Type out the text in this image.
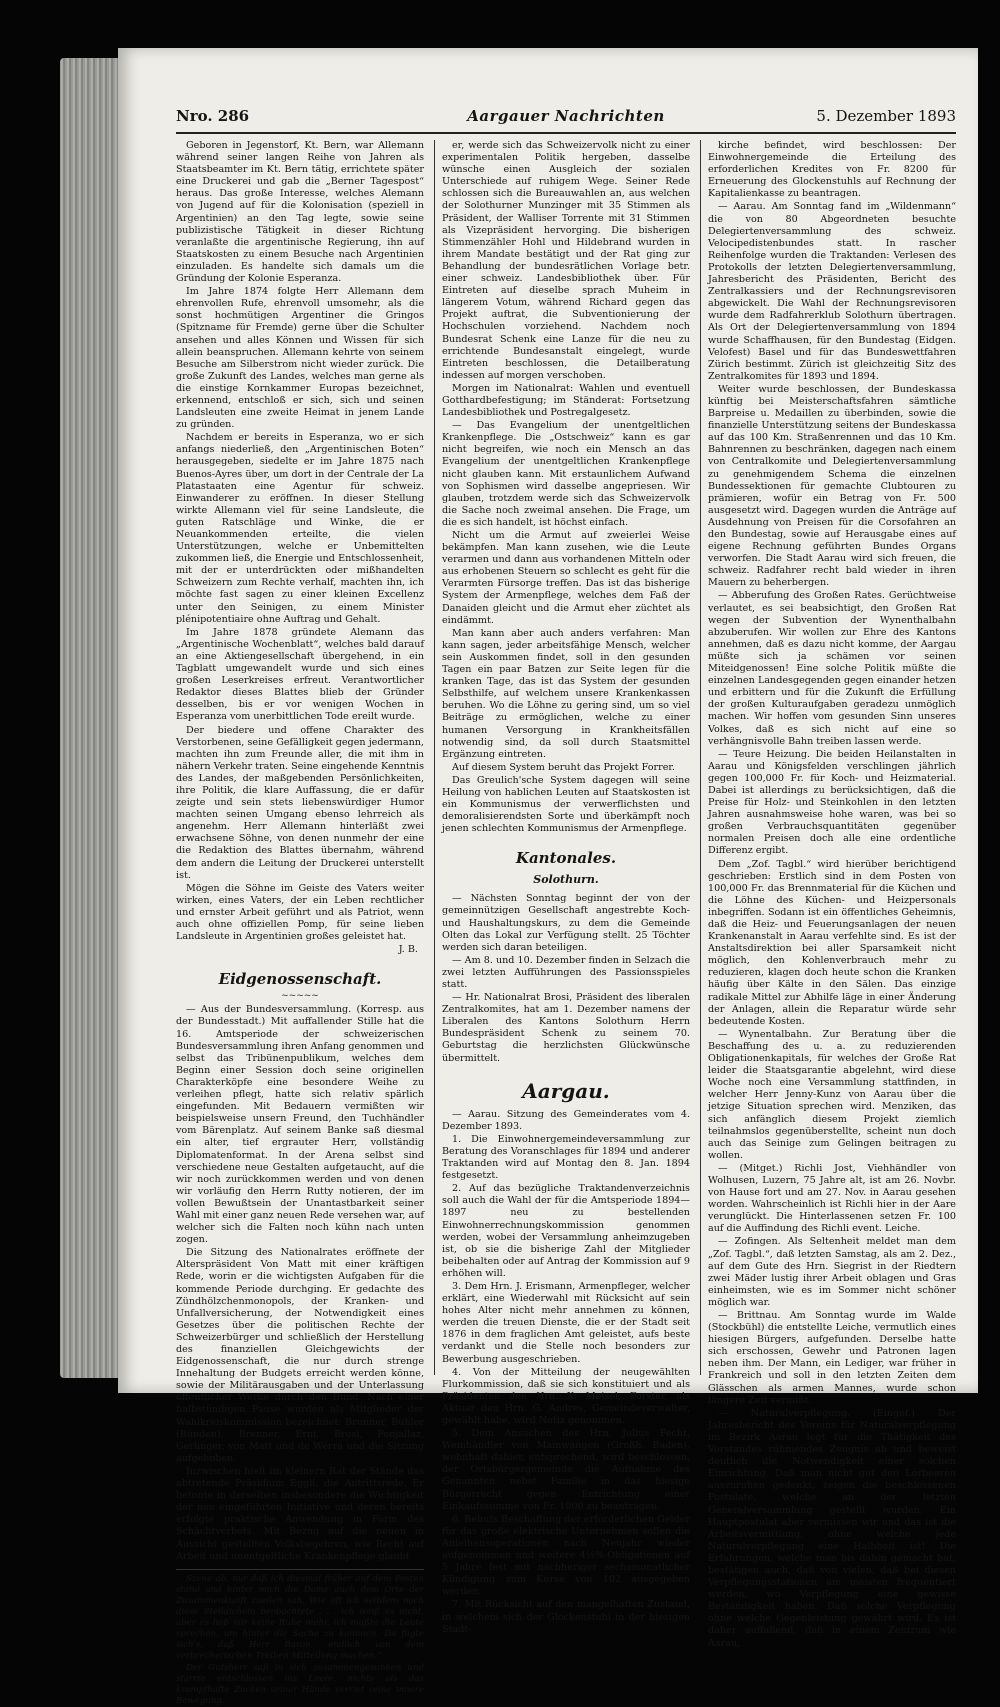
Nro. 286	Aargauer Nachrichten	5. Dezember 1893

Geboren in Jegenstorf, Kt. Bern, war Allemann während seiner langen Reihe von Jahren als Staatsbeamter im Kt. Bern tätig, errichtete später eine Druckerei und gab die „Berner Tagespost“ heraus. Das große Interesse, welches Alemann von Jugend auf für die Kolonisation (speziell in Argentinien) an den Tag legte, sowie seine publizistische Tätigkeit in dieser Richtung veranlaßte die argentinische Regierung, ihn auf Staatskosten zu einem Besuche nach Argentinien einzuladen. Es handelte sich damals um die Gründung der Kolonie Esperanza.

Im Jahre 1874 folgte Herr Allemann dem ehrenvollen Rufe, ehrenvoll umsomehr, als die sonst hochmütigen Argentiner die Gringos (Spitzname für Fremde) gerne über die Schulter ansehen und alles Können und Wissen für sich allein beanspruchen. Allemann kehrte von seinem Besuche am Silberstrom nicht wieder zurück. Die große Zukunft des Landes, welches man gerne als die einstige Kornkammer Europas bezeichnet, erkennend, entschloß er sich, sich und seinen Landsleuten eine zweite Heimat in jenem Lande zu gründen.

Nachdem er bereits in Esperanza, wo er sich anfangs niederließ, den „Argentinischen Boten“ herausgegeben, siedelte er im Jahre 1875 nach Buenos-Ayres über, um dort in der Centrale der La Platastaaten eine Agentur für schweiz. Einwanderer zu eröffnen. In dieser Stellung wirkte Allemann viel für seine Landsleute, die guten Ratschläge und Winke, die er Neuankommenden erteilte, die vielen Unterstützungen, welche er Unbemittelten zukommen ließ, die Energie und Entschlossenheit, mit der er unterdrückten oder mißhandelten Schweizern zum Rechte verhalf, machten ihn, ich möchte fast sagen zu einer kleinen Excellenz unter den Seinigen, zu einem Minister plénipotentiaire ohne Auftrag und Gehalt.

Im Jahre 1878 gründete Alemann das „Argentinische Wochenblatt“, welches bald darauf an eine Aktiengesellschaft übergehend, in ein Tagblatt umgewandelt wurde und sich eines großen Leserkreises erfreut. Verantwortlicher Redaktor dieses Blattes blieb der Gründer desselben, bis er vor wenigen Wochen in Esperanza vom unerbittlichen Tode ereilt wurde.

Der biedere und offene Charakter des Verstorbenen, seine Gefälligkeit gegen jedermann, machten ihn zum Freunde aller, die mit ihm in nähern Verkehr traten. Seine eingehende Kenntnis des Landes, der maßgebenden Persönlichkeiten, ihre Politik, die klare Auffassung, die er dafür zeigte und sein stets liebenswürdiger Humor machten seinen Umgang ebenso lehrreich als angenehm. Herr Allemann hinterläßt zwei erwachsene Söhne, von denen nunmehr der eine die Redaktion des Blattes übernahm, während dem andern die Leitung der Druckerei unterstellt ist.

Mögen die Söhne im Geiste des Vaters weiter wirken, eines Vaters, der ein Leben rechtlicher und ernster Arbeit geführt und als Patriot, wenn auch ohne offiziellen Pomp, für seine lieben Landsleute in Argentinien großes geleistet hat.

J. B.
Eidgenossenschaft.
~~~~~

— Aus der Bundesversammlung. (Korresp. aus der Bundesstadt.) Mit auffallender Stille hat die 16. Amtsperiode der schweizerischen Bundesversammlung ihren Anfang genommen und selbst das Tribünenpublikum, welches dem Beginn einer Session doch seine originellen Charakterköpfe eine besondere Weihe zu verleihen pflegt, hatte sich relativ spärlich eingefunden. Mit Bedauern vermißten wir beispielsweise unsern Freund, den Tuchhändler vom Bärenplatz. Auf seinem Banke saß diesmal ein alter, tief ergrauter Herr, vollständig Diplomatenformat. In der Arena selbst sind verschiedene neue Gestalten aufgetaucht, auf die wir noch zurückkommen werden und von denen wir vorläufig den Herrn Rutty notieren, der im vollen Bewußtsein der Unantastbarkeit seiner Wahl mit einer ganz neuen Rede versehen war, auf welcher sich die Falten noch kühn nach unten zogen.

Die Sitzung des Nationalrates eröffnete der Alterspräsident Von Matt mit einer kräftigen Rede, worin er die wichtigsten Aufgaben für die kommende Periode durchging. Er gedachte des Zündhölzchenmonopols, der Kranken- und Unfallversicherung, der Notwendigkeit eines Gesetzes über die politischen Rechte der Schweizerbürger und schließlich der Herstellung des finanziellen Gleichgewichts der Eidgenossenschaft, die nur durch strenge Innehaltung der Budgets erreicht werden könne, sowie der Militärausgaben und der Unterlassung öffentlicher Werke durch den Bund. Nach einer halbstündigen Pause wurden als Mitglieder der Wahlkreiskommission bezeichnet: Brunner, Bühler (Bünden), Brenner, Erni, Brosi, Fonjallaz, Gerlinger, von Matt und de Werra und die Sitzung aufgehoben.

Inzwischen hielt im kleinern Rat der Stände das abtretende Präsidium Eggli, die Antrittsrede. Er betonte in derselben insbesondere die Wichtigkeit der neu eingeführten Initiative und deren bereits erfolgte praktische Anwendung in Form des Schächtverbots. Mit Bezug auf die neuen in Aussicht gestellten Volksbegehren, wie Recht auf Arbeit und unentgeltliche Krankenpflege glaubt

Szene ab, nur daß ich diesmal früher auf dem Posten stand und hinter mich die Dame auch dem Orte der Zusammenkunft zueilen sah. Wie oft ich seitdem noch diese Stelldichein beobachtete . . . ich weiß es nicht, aber es ließ mir keine Ruhe mehr, ich mußte die Leute sprechen, um hinter die Sache zu kommen. Da fügte sich's, daß Herr Baron, endlich von dem verbrecherischen Treiben Mitteilung machen.“

Der Gutsherr saß in sich zusammengesunken und starrte entschlossen ins Leere, nichts als das krampfhafte Zucken seiner Hände verriet seine innere Bewegung.

er, werde sich das Schweizervolk nicht zu einer experimentalen Politik hergeben, dasselbe wünsche einen Ausgleich der sozialen Unterschiede auf ruhigem Wege. Seiner Rede schlossen sich die Bureauwahlen an, aus welchen der Solothurner Munzinger mit 35 Stimmen als Präsident, der Walliser Torrente mit 31 Stimmen als Vizepräsident hervorging. Die bisherigen Stimmenzähler Hohl und Hildebrand wurden in ihrem Mandate bestätigt und der Rat ging zur Behandlung der bundesrätlichen Vorlage betr. einer schweiz. Landesbibliothek über. Für Eintreten auf dieselbe sprach Muheim in längerem Votum, während Richard gegen das Projekt auftrat, die Subventionierung der Hochschulen vorziehend. Nachdem noch Bundesrat Schenk eine Lanze für die neu zu errichtende Bundesanstalt eingelegt, wurde Eintreten beschlossen, die Detailberatung indessen auf morgen verschoben.

Morgen im Nationalrat: Wahlen und eventuell Gotthardbefestigung; im Ständerat: Fortsetzung Landesbibliothek und Postregalgesetz.

— Das Evangelium der unentgeltlichen Krankenpflege. Die „Ostschweiz“ kann es gar nicht begreifen, wie noch ein Mensch an das Evangelium der unentgeltlichen Krankenpflege nicht glauben kann. Mit erstaunlichem Aufwand von Sophismen wird dasselbe angepriesen. Wir glauben, trotzdem werde sich das Schweizervolk die Sache noch zweimal ansehen. Die Frage, um die es sich handelt, ist höchst einfach.

Nicht um die Armut auf zweierlei Weise bekämpfen. Man kann zusehen, wie die Leute verarmen und dann aus vorhandenen Mitteln oder aus erhobenen Steuern so schlecht es geht für die Verarmten Fürsorge treffen. Das ist das bisherige System der Armenpflege, welches dem Faß der Danaiden gleicht und die Armut eher züchtet als eindämmt.

Man kann aber auch anders verfahren: Man kann sagen, jeder arbeitsfähige Mensch, welcher sein Auskommen findet, soll in den gesunden Tagen ein paar Batzen zur Seite legen für die kranken Tage, das ist das System der gesunden Selbsthilfe, auf welchem unsere Krankenkassen beruhen. Wo die Löhne zu gering sind, um so viel Beiträge zu ermöglichen, welche zu einer humanen Versorgung in Krankheitsfällen notwendig sind, da soll durch Staatsmittel Ergänzung eintreten.

Auf diesem System beruht das Projekt Forrer.

Das Greulich'sche System dagegen will seine Heilung von hablichen Leuten auf Staatskosten ist ein Kommunismus der verwerflichsten und demoralisierendsten Sorte und überkämpft noch jenen schlechten Kommunismus der Armenpflege.

Kantonales.
Solothurn.

— Nächsten Sonntag beginnt der von der gemeinnützigen Gesellschaft angestrebte Koch- und Haushaltungskurs, zu dem die Gemeinde Olten das Lokal zur Verfügung stellt. 25 Töchter werden sich daran beteiligen.

— Am 8. und 10. Dezember finden in Selzach die zwei letzten Aufführungen des Passionsspieles statt.

— Hr. Nationalrat Brosi, Präsident des liberalen Zentralkomites, hat am 1. Dezember namens der Liberalen des Kantons Solothurn Herrn Bundespräsident Schenk zu seinem 70. Geburtstag die herzlichsten Glückwünsche übermittelt.

Aargau.

— Aarau. Sitzung des Gemeinderates vom 4. Dezember 1893.

1. Die Einwohnergemeindeversammlung zur Beratung des Voranschlages für 1894 und anderer Traktanden wird auf Montag den 8. Jan. 1894 festgesetzt.

2. Auf das bezügliche Traktandenverzeichnis soll auch die Wahl der für die Amtsperiode 1894—1897 neu zu bestellenden Einwohnerrechnungskommission genommen werden, wobei der Versammlung anheimzugeben ist, ob sie die bisherige Zahl der Mitglieder beibehalten oder auf Antrag der Kommission auf 9 erhöhen will.

3. Dem Hrn. J. Erismann, Armenpfleger, welcher erklärt, eine Wiederwahl mit Rücksicht auf sein hohes Alter nicht mehr annehmen zu können, werden die treuen Dienste, die er der Stadt seit 1876 in dem fraglichen Amt geleistet, aufs beste verdankt und die Stelle noch besonders zur Bewerbung ausgeschrieben.

4. Von der Mitteilung der neugewählten Flurkommission, daß sie sich konstituiert und als Präsidenten den Hrn. X. Meisel, Forster, als Aktuar den Hrn. G. Andres, Gemeindeverwalter, gewählt habe, wird Notiz genommen.

5. Dem Ansuchen des Hrn. Julius Fecht, Weinhändler von Mainwangen (Großh. Baden), wohnhaft dahier, entsprechend, wird beschlossen, der Ortsbürgergemeinde die Aufnahme des Genannten nebst Familie in das hiesige Bürgerrecht gegen Entrichtung einer Einkaufssumme von Fr. 1000 zu beantragen.

6. Behufs Beschaffung der erforderlichen Gelder für das große elektrische Unternehmen sollen die Anleihensoperationen nach Neujahr wieder aufgenommen und weitere 4½%-Obligationen auf 5 Jahre fest mit nachheriger sechsmonatlicher Kündigung zum Kurse von 102 ausgegeben werden.

7. Mit Rücksicht auf den mangelhaften Zustand, in welchem sich der Glockenstuhl in der hiesigen Stadt-

kirche befindet, wird beschlossen: Der Einwohnergemeinde die Erteilung des erforderlichen Kredites von Fr. 8200 für Erneuerung des Glockenstuhls auf Rechnung der Kapitalienkasse zu beantragen.

— Aarau. Am Sonntag fand im „Wildenmann“ die von 80 Abgeordneten besuchte Delegiertenversammlung des schweiz. Velocipedistenbundes statt. In rascher Reihenfolge wurden die Traktanden: Verlesen des Protokolls der letzten Delegiertenversammlung, Jahresbericht des Präsidenten, Bericht des Zentralkassiers und der Rechnungsrevisoren abgewickelt. Die Wahl der Rechnungsrevisoren wurde dem Radfahrerklub Solothurn übertragen. Als Ort der Delegiertenversammlung von 1894 wurde Schaffhausen, für den Bundestag (Eidgen. Velofest) Basel und für das Bundeswettfahren Zürich bestimmt. Zürich ist gleichzeitig Sitz des Zentralkomites für 1893 und 1894.

Weiter wurde beschlossen, der Bundeskassa künftig bei Meisterschaftsfahren sämtliche Barpreise u. Medaillen zu überbinden, sowie die finanzielle Unterstützung seitens der Bundeskassa auf das 100 Km. Straßenrennen und das 10 Km. Bahnrennen zu beschränken, dagegen nach einem von Centralkomite und Delegiertenversammlung zu genehmigendem Schema die einzelnen Bundessektionen für gemachte Clubtouren zu prämieren, wofür ein Betrag von Fr. 500 ausgesetzt wird. Dagegen wurden die Anträge auf Ausdehnung von Preisen für die Corsofahren an den Bundestag, sowie auf Herausgabe eines auf eigene Rechnung geführten Bundes Organs verworfen. Die Stadt Aarau wird sich freuen, die schweiz. Radfahrer recht bald wieder in ihren Mauern zu beherbergen.

— Abberufung des Großen Rates. Gerüchtweise verlautet, es sei beabsichtigt, den Großen Rat wegen der Subvention der Wynenthalbahn abzuberufen. Wir wollen zur Ehre des Kantons annehmen, daß es dazu nicht komme, der Aargau müßte sich ja schämen vor seinen Miteidgenossen! Eine solche Politik müßte die einzelnen Landesgegenden gegen einander hetzen und erbittern und für die Zukunft die Erfüllung der großen Kulturaufgaben geradezu unmöglich machen. Wir hoffen vom gesunden Sinn unseres Volkes, daß es sich nicht auf eine so verhängnisvolle Bahn treiben lassen werde.

— Teure Heizung. Die beiden Heilanstalten in Aarau und Königsfelden verschlingen jährlich gegen 100,000 Fr. für Koch- und Heizmaterial. Dabei ist allerdings zu berücksichtigen, daß die Preise für Holz- und Steinkohlen in den letzten Jahren ausnahmsweise hohe waren, was bei so großen Verbrauchsquantitäten gegenüber normalen Preisen doch alle eine ordentliche Differenz ergibt.

Dem „Zof. Tagbl.“ wird hierüber berichtigend geschrieben: Erstlich sind in dem Posten von 100,000 Fr. das Brennmaterial für die Küchen und die Löhne des Küchen- und Heizpersonals inbegriffen. Sodann ist ein öffentliches Geheimnis, daß die Heiz- und Feuerungsanlagen der neuen Krankenanstalt in Aarau verfehlte sind. Es ist der Anstaltsdirektion bei aller Sparsamkeit nicht möglich, den Kohlenverbrauch mehr zu reduzieren, klagen doch heute schon die Kranken häufig über Kälte in den Sälen. Das einzige radikale Mittel zur Abhilfe läge in einer Änderung der Anlagen, allein die Reparatur würde sehr bedeutende Kosten.

— Wynentalbahn. Zur Beratung über die Beschaffung des u. a. zu reduzierenden Obligationenkapitals, für welches der Große Rat leider die Staatsgarantie abgelehnt, wird diese Woche noch eine Versammlung stattfinden, in welcher Herr Jenny-Kunz von Aarau über die jetzige Situation sprechen wird. Menziken, das sich anfänglich diesem Projekt ziemlich teilnahmslos gegenüberstellte, scheint nun doch auch das Seinige zum Gelingen beitragen zu wollen.

— (Mitget.) Richli Jost, Viehhändler von Wolhusen, Luzern, 75 Jahre alt, ist am 26. Novbr. von Hause fort und am 27. Nov. in Aarau gesehen worden. Wahrscheinlich ist Richli hier in der Aare verunglückt. Die Hinterlassenen setzen Fr. 100 auf die Auffindung des Richli event. Leiche.

— Zofingen. Als Seltenheit meldet man dem „Zof. Tagbl.“, daß letzten Samstag, als am 2. Dez., auf dem Gute des Hrn. Siegrist in der Riedtern zwei Mäder lustig ihrer Arbeit oblagen und Gras einheimsten, wie es im Sommer nicht schöner möglich war.

— Brittnau. Am Sonntag wurde im Walde (Stockbühl) die entstellte Leiche, vermutlich eines hiesigen Bürgers, aufgefunden. Derselbe hatte sich erschossen, Gewehr und Patronen lagen neben ihm. Der Mann, ein Lediger, war früher in Frankreich und soll in den letzten Zeiten dem Glässchen als armen Mannes, wurde schon längere Zeit vermißt.

— Naturalverpflegung. (Eingef.) Der Jahresbericht des Vereins für Naturalverpflegung im Bezirk Aarau legt für die Thätigkeit des Vorstandes rühmendes Zeugnis ab und beweist deutlich die Notwendigkeit einer solchen Einrichtung. Daß man nicht gut den Lorbeeren auszuruhen gedenkt, zeigen die beschlossenen Postulate, welche an der letzten Generalversammlung gestellt wurden. Ein Hauptpostulat aber vermissen wir und das ist die Arbeitsvermittlung, ohne welche jede Naturalverpflegung eine Halbheit ist! Die Erfahrungen, welche man bis dahin gemacht hat, bestätigen auch, daß von vielen, daß bei diesen Verpflegungsstationen am meisten frequentiert werden, wo Verpflegung eine gewisse Beständigkeit haben. Daß solche Verpflegung ohne welche Gegenleistung gewährt wird. Es ist daher auffallend, daß in einem Zentrum wie Aarau,
